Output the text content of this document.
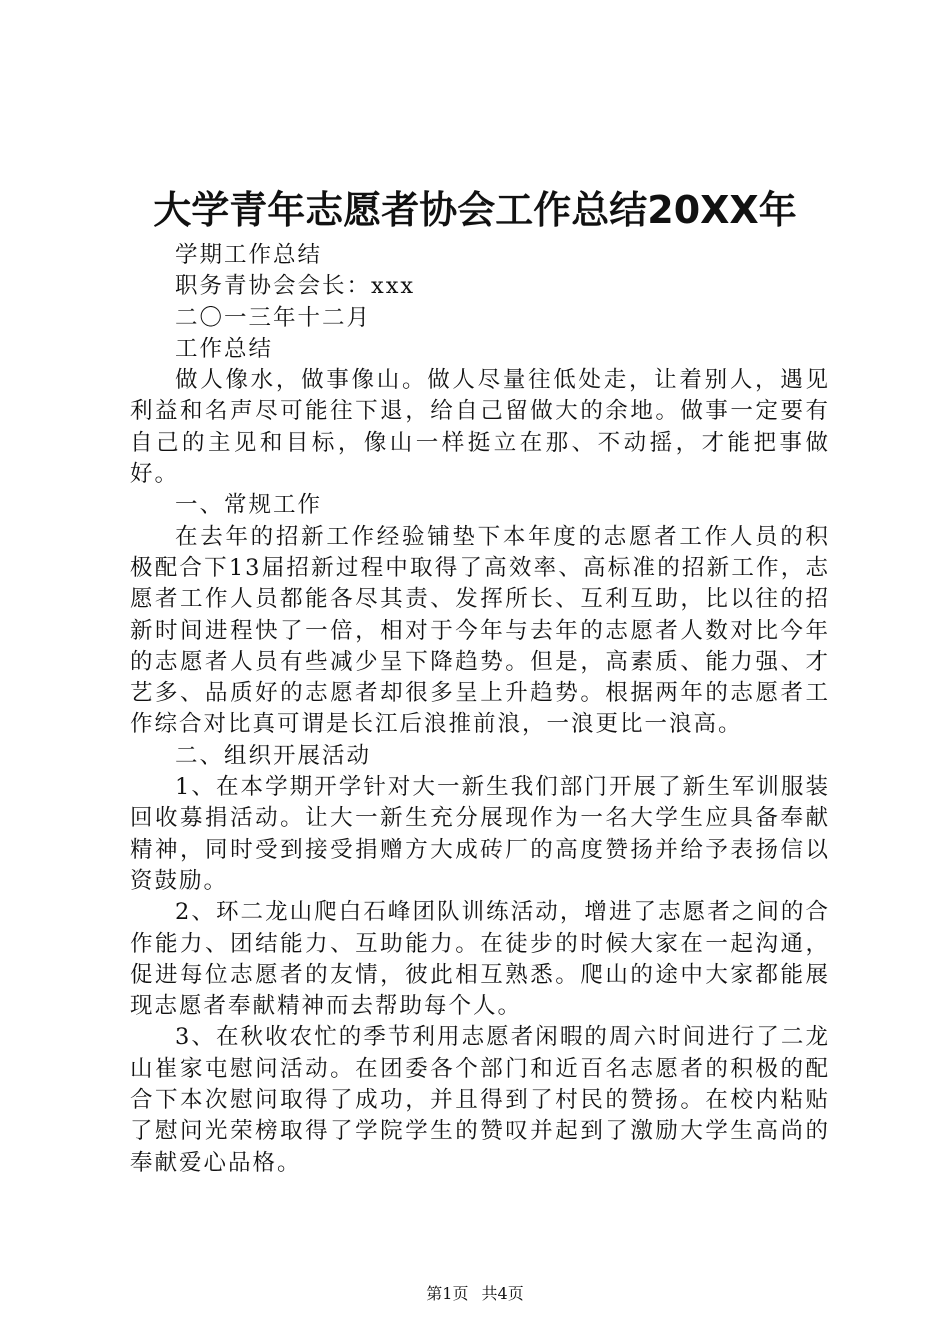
大学青年志愿者协会工作总结20XX年

学期工作总结

职务青协会会长：xxx

二〇一三年十二月

工作总结

做人像水，做事像山。做人尽量往低处走，让着别人，遇见利益和名声尽可能往下退，给自己留做大的余地。做事一定要有自己的主见和目标，像山一样挺立在那、不动摇，才能把事做好。

一、常规工作

在去年的招新工作经验铺垫下本年度的志愿者工作人员的积极配合下13届招新过程中取得了高效率、高标准的招新工作，志愿者工作人员都能各尽其责、发挥所长、互利互助，比以往的招新时间进程快了一倍，相对于今年与去年的志愿者人数对比今年的志愿者人员有些减少呈下降趋势。但是，高素质、能力强、才艺多、品质好的志愿者却很多呈上升趋势。根据两年的志愿者工作综合对比真可谓是长江后浪推前浪，一浪更比一浪高。

二、组织开展活动

1、在本学期开学针对大一新生我们部门开展了新生军训服装回收募捐活动。让大一新生充分展现作为一名大学生应具备奉献精神，同时受到接受捐赠方大成砖厂的高度赞扬并给予表扬信以资鼓励。

2、环二龙山爬白石峰团队训练活动，增进了志愿者之间的合作能力、团结能力、互助能力。在徒步的时候大家在一起沟通，促进每位志愿者的友情，彼此相互熟悉。爬山的途中大家都能展现志愿者奉献精神而去帮助每个人。

3、在秋收农忙的季节利用志愿者闲暇的周六时间进行了二龙山崔家屯慰问活动。在团委各个部门和近百名志愿者的积极的配合下本次慰问取得了成功，并且得到了村民的赞扬。在校内粘贴了慰问光荣榜取得了学院学生的赞叹并起到了激励大学生高尚的奉献爱心品格。

第1页 共4页
